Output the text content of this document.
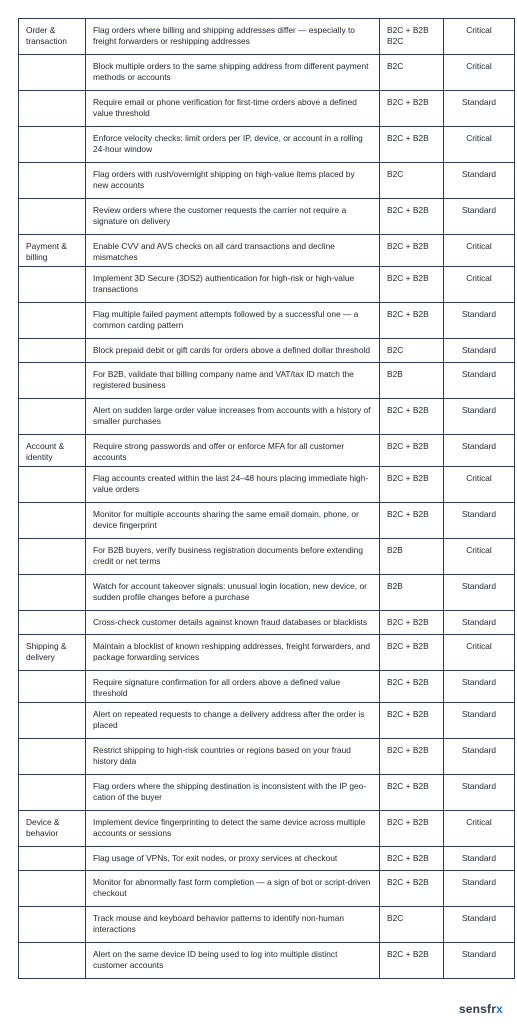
Order & transaction	Flag orders where billing and shipping addresses differ — especially to freight forwarders or reshipping addresses	B2C + B2B B2C	Critical
	Block multiple orders to the same shipping address from different payment methods or accounts	B2C	Critical
	Require email or phone verification for first-time orders above a defined value threshold	B2C + B2B	Standard
	Enforce velocity checks: limit orders per IP, device, or account in a rolling 24-hour window	B2C + B2B	Critical
	Flag orders with rush/overnight shipping on high-value items placed by new accounts	B2C	Standard
	Review orders where the customer requests the carrier not require a signature on delivery	B2C + B2B	Standard
Payment & billing	Enable CVV and AVS checks on all card transactions and decline mismatches	B2C + B2B	Critical
	Implement 3D Secure (3DS2) authentication for high-risk or high-value transactions	B2C + B2B	Critical
	Flag multiple failed payment attempts followed by a successful one — a common carding pattern	B2C + B2B	Standard
	Block prepaid debit or gift cards for orders above a defined dollar threshold	B2C	Standard
	For B2B, validate that billing company name and VAT/tax ID match the registered business	B2B	Standard
	Alert on sudden large order value increases from accounts with a history of smaller purchases	B2C + B2B	Standard
Account & identity	Require strong passwords and offer or enforce MFA for all customer accounts	B2C + B2B	Standard
	Flag accounts created within the last 24–48 hours placing immediate high-value orders	B2C + B2B	Critical
	Monitor for multiple accounts sharing the same email domain, phone, or device fingerprint	B2C + B2B	Standard
	For B2B buyers, verify business registration documents before extending credit or net terms	B2B	Critical
	Watch for account takeover signals: unusual login location, new device, or sudden profile changes before a purchase	B2B	Standard
	Cross-check customer details against known fraud databases or blacklists	B2C + B2B	Standard
Shipping & delivery	Maintain a blocklist of known reshipping addresses, freight forwarders, and package forwarding services	B2C + B2B	Critical
	Require signature confirmation for all orders above a defined value threshold	B2C + B2B	Standard
	Alert on repeated requests to change a delivery address after the order is placed	B2C + B2B	Standard
	Restrict shipping to high-risk countries or regions based on your fraud history data	B2C + B2B	Standard
	Flag orders where the shipping destination is inconsistent with the IP geo-cation of the buyer	B2C + B2B	Standard
Device & behavior	Implement device fingerprinting to detect the same device across multiple accounts or sessions	B2C + B2B	Critical
	Flag usage of VPNs, Tor exit nodes, or proxy services at checkout	B2C + B2B	Standard
	Monitor for abnormally fast form completion — a sign of bot or script-driven checkout	B2C + B2B	Standard
	Track mouse and keyboard behavior patterns to identify non-human interactions	B2C	Standard
	Alert on the same device ID being used to log into multiple distinct customer accounts	B2C + B2B	Standard
sensfrx
